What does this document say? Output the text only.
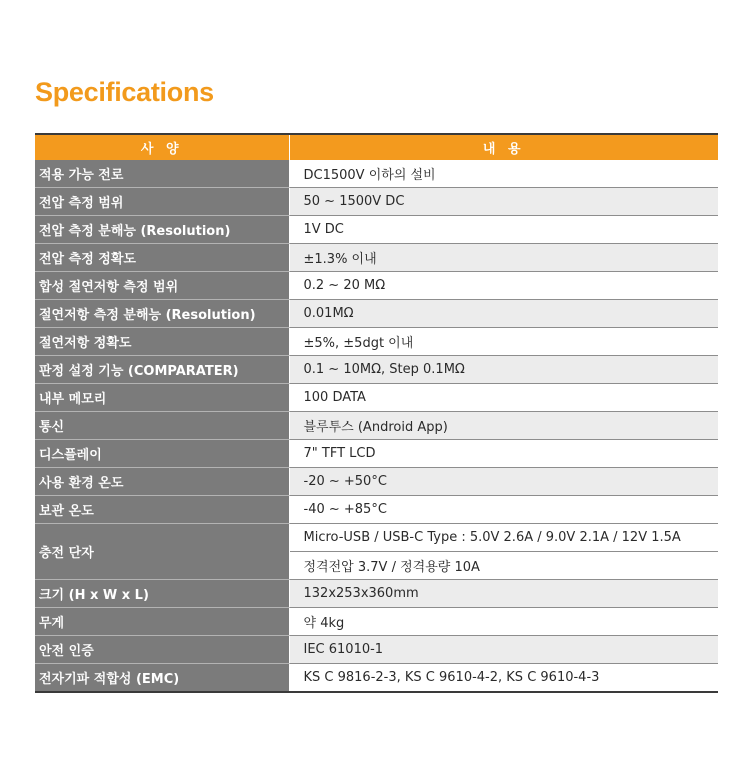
Specifications
사 양	내 용
적용 가능 전로	DC1500V 이하의 설비
전압 측정 범위	50 ~ 1500V DC
전압 측정 분해능 (Resolution)	1V DC
전압 측정 정확도	±1.3% 이내
합성 절연저항 측정 범위	0.2 ~ 20 MΩ
절연저항 측정 분해능 (Resolution)	0.01MΩ
절연저항 정확도	±5%, ±5dgt 이내
판정 설정 기능 (COMPARATER)	0.1 ~ 10MΩ, Step 0.1MΩ
내부 메모리	100 DATA
통신	블루투스 (Android App)
디스플레이	7" TFT LCD
사용 환경 온도	-20 ~ +50°C
보관 온도	-40 ~ +85°C
충전 단자	Micro-USB / USB-C Type : 5.0V 2.6A / 9.0V 2.1A / 12V 1.5A
	정격전압 3.7V / 정격용량 10A
크기 (H x W x L)	132x253x360mm
무게	약 4kg
안전 인증	IEC 61010-1
전자기파 적합성 (EMC)	KS C 9816-2-3, KS C 9610-4-2, KS C 9610-4-3
